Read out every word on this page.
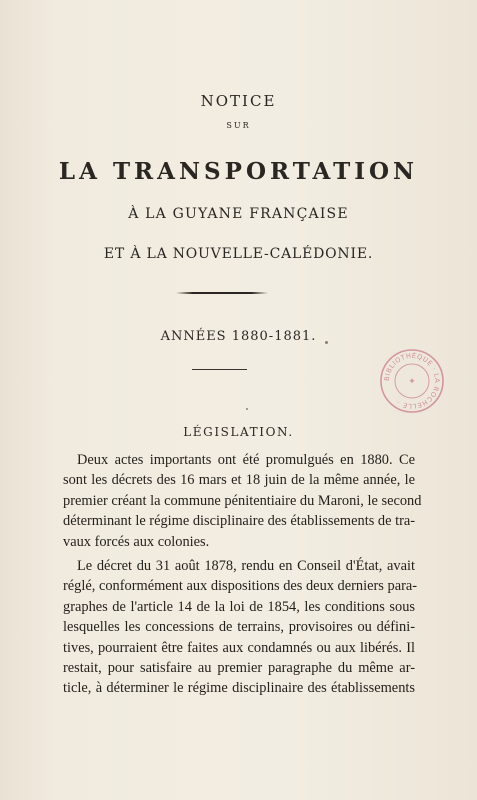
NOTICE
SUR
LA TRANSPORTATION
À LA GUYANE FRANÇAISE
ET À LA NOUVELLE-CALÉDONIE.
ANNÉES 1880-1881.
LÉGISLATION.
Deux actes importants ont été promulgués en 1880. Ce
sont les décrets des 16 mars et 18 juin de la même année, le
premier créant la commune pénitentiaire du Maroni, le second
déterminant le régime disciplinaire des établissements de tra-
vaux forcés aux colonies.
Le décret du 31 août 1878, rendu en Conseil d'État, avait
réglé, conformément aux dispositions des deux derniers para-
graphes de l'article 14 de la loi de 1854, les conditions sous
lesquelles les concessions de terrains, provisoires ou défini-
tives, pourraient être faites aux condamnés ou aux libérés. Il
restait, pour satisfaire au premier paragraphe du même ar-
ticle, à déterminer le régime disciplinaire des établissements
BIBLIOTHÈQUE · LA ROCHELLE ·
✦
